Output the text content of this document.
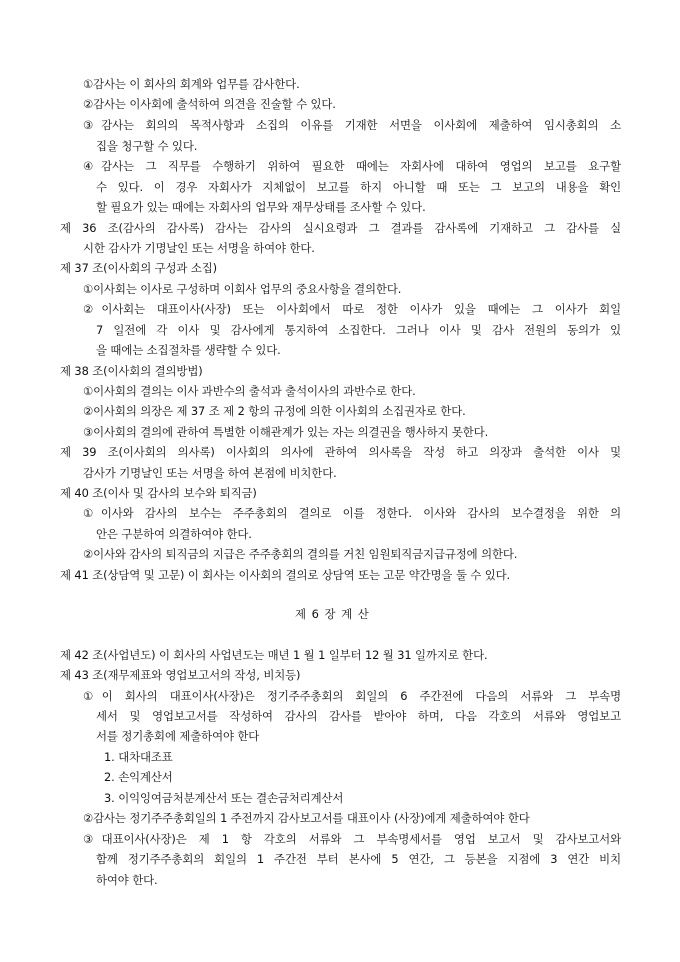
①감사는 이 회사의 회계와 업무를 감사한다.
②감사는 이사회에 출석하여 의견을 진술할 수 있다.
③감사는 회의의 목적사항과 소집의 이유를 기재한 서면을 이사회에 제출하여 임시총회의 소
집을 청구할 수 있다.
④감사는 그 직무를 수행하기 위하여 필요한 때에는 자회사에 대하여 영업의 보고를 요구할
수 있다. 이 경우 자회사가 지체없이 보고를 하지 아니할 때 또는 그 보고의 내용을 확인
할 필요가 있는 때에는 자회사의 업무와 재무상태를 조사할 수 있다.
제 36 조(감사의 감사록) 감사는 감사의 실시요령과 그 결과를 감사록에 기재하고 그 감사를 실
시한 감사가 기명날인 또는 서명을 하여야 한다.
제 37 조(이사회의 구성과 소집)
①이사회는 이사로 구성하며 이회사 업무의 중요사항을 결의한다.
②이사회는 대표이사(사장) 또는 이사회에서 따로 정한 이사가 있을 때에는 그 이사가 회일
7 일전에 각 이사 및 감사에게 통지하여 소집한다. 그러나 이사 및 감사 전원의 동의가 있
을 때에는 소집절차를 생략할 수 있다.
제 38 조(이사회의 결의방법)
①이사회의 결의는 이사 과반수의 출석과 출석이사의 과반수로 한다.
②이사회의 의장은 제 37 조 제 2 항의 규정에 의한 이사회의 소집권자로 한다.
③이사회의 결의에 관하여 특별한 이해관계가 있는 자는 의결권을 행사하지 못한다.
제 39 조(이사회의 의사록) 이사회의 의사에 관하여 의사록을 작성 하고 의장과 출석한 이사 및
감사가 기명날인 또는 서명을 하여 본점에 비치한다.
제 40 조(이사 및 감사의 보수와 퇴직금)
①이사와 감사의 보수는 주주총회의 결의로 이를 정한다. 이사와 감사의 보수결정을 위한 의
안은 구분하여 의결하여야 한다.
②이사와 감사의 퇴직금의 지급은 주주총회의 결의를 거친 임원퇴직금지급규정에 의한다.
제 41 조(상담역 및 고문) 이 회사는 이사회의 결의로 상담역 또는 고문 약간명을 둘 수 있다.
제 6 장 계 산
제 42 조(사업년도) 이 회사의 사업년도는 매년 1 월 1 일부터 12 월 31 일까지로 한다.
제 43 조(재무제표와 영업보고서의 작성, 비치등)
①이 회사의 대표이사(사장)은 정기주주총회의 회일의 6 주간전에 다음의 서류와 그 부속명
세서 및 영업보고서를 작성하여 감사의 감사를 받아야 하며, 다음 각호의 서류와 영업보고
서를 정기총회에 제출하여야 한다
1. 대차대조표
2. 손익계산서
3. 이익잉여금처분계산서 또는 결손금처리계산서
②감사는 정기주주총회일의 1 주전까지 감사보고서를 대표이사 (사장)에게 제출하여야 한다
③대표이사(사장)은 제 1 항 각호의 서류와 그 부속명세서를 영업 보고서 및 감사보고서와
함께 정기주주총회의 회일의 1 주간전 부터 본사에 5 연간, 그 등본을 지점에 3 연간 비치
하여야 한다.
